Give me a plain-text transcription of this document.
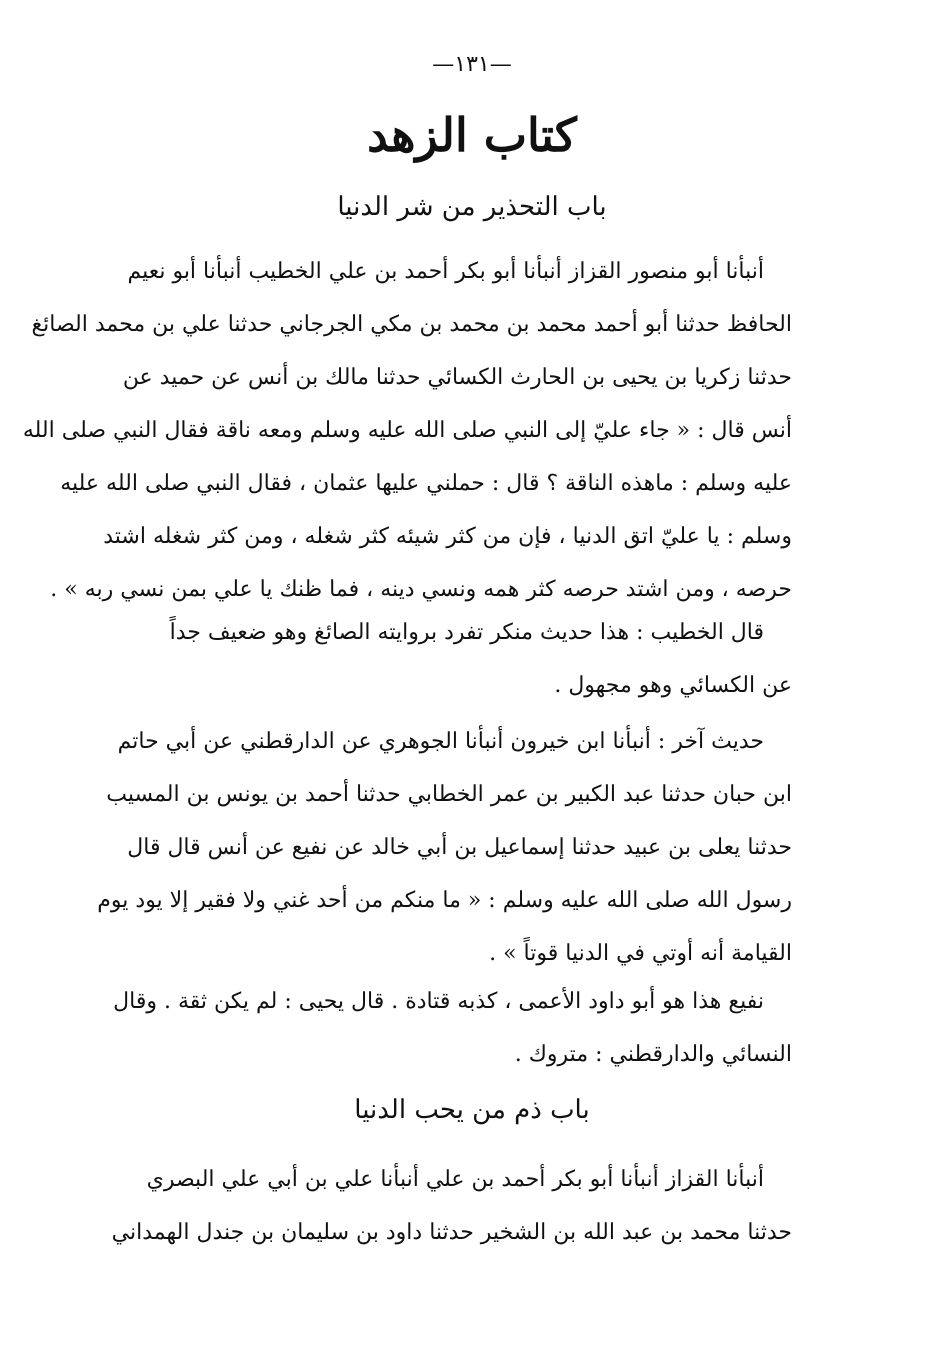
—١٣١—
كتاب الزهد
باب التحذير من شر الدنيا
أنبأنا أبو منصور القزاز أنبأنا أبو بكر أحمد بن علي الخطيب أنبأنا أبو نعيم
الحافظ حدثنا أبو أحمد محمد بن محمد بن مكي الجرجاني حدثنا علي بن محمد الصائغ
حدثنا زكريا بن يحيى بن الحارث الكسائي حدثنا مالك بن أنس عن حميد عن
أنس قال : « جاء عليّ إلى النبي صلى الله عليه وسلم ومعه ناقة فقال النبي صلى الله
عليه وسلم : ماهذه الناقة ؟ قال : حملني عليها عثمان ، فقال النبي صلى الله عليه
وسلم : يا عليّ اتق الدنيا ، فإن من كثر شيئه كثر شغله ، ومن كثر شغله اشتد
حرصه ، ومن اشتد حرصه كثر همه ونسي دينه ، فما ظنك يا علي بمن نسي ربه » .
قال الخطيب : هذا حديث منكر تفرد بروايته الصائغ وهو ضعيف جداً
عن الكسائي وهو مجهول .
حديث آخر : أنبأنا ابن خيرون أنبأنا الجوهري عن الدارقطني عن أبي حاتم
ابن حبان حدثنا عبد الكبير بن عمر الخطابي حدثنا أحمد بن يونس بن المسيب
حدثنا يعلى بن عبيد حدثنا إسماعيل بن أبي خالد عن نفيع عن أنس قال قال
رسول الله صلى الله عليه وسلم : « ما منكم من أحد غني ولا فقير إلا يود يوم
القيامة أنه أوتي في الدنيا قوتاً » .
نفيع هذا هو أبو داود الأعمى ، كذبه قتادة . قال يحيى : لم يكن ثقة . وقال
النسائي والدارقطني : متروك .
باب ذم من يحب الدنيا
أنبأنا القزاز أنبأنا أبو بكر أحمد بن علي أنبأنا علي بن أبي علي البصري
حدثنا محمد بن عبد الله بن الشخير حدثنا داود بن سليمان بن جندل الهمداني
